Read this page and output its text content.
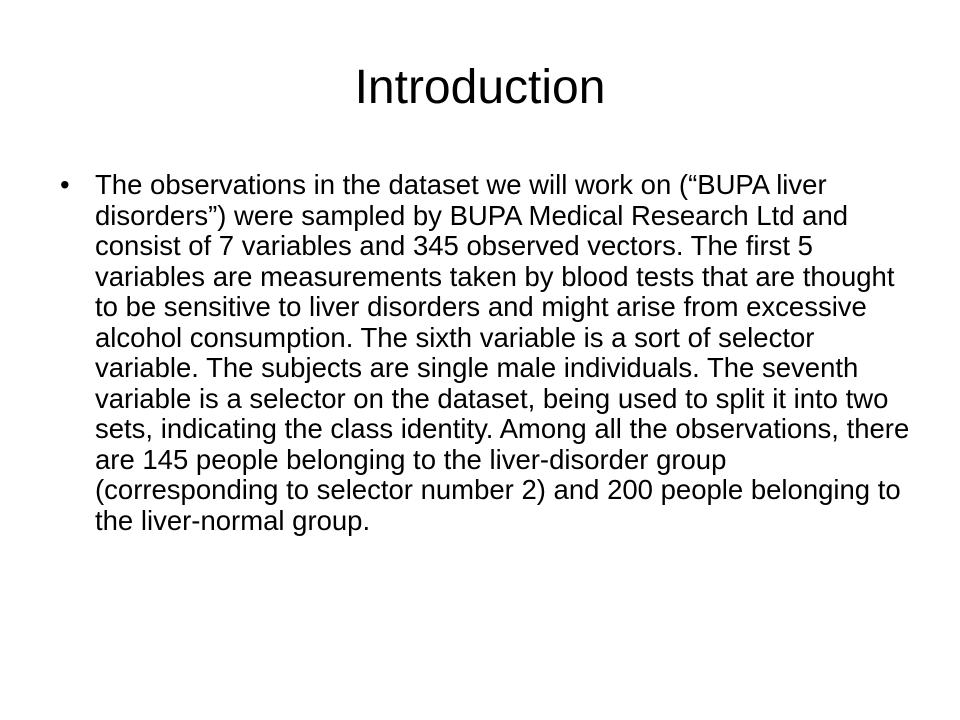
Introduction
• The observations in the dataset we will work on (“BUPA liver disorders”) were sampled by BUPA Medical Research Ltd and consist of 7 variables and 345 observed vectors. The first 5 variables are measurements taken by blood tests that are thought to be sensitive to liver disorders and might arise from excessive alcohol consumption. The sixth variable is a sort of selector variable. The subjects are single male individuals. The seventh variable is a selector on the dataset, being used to split it into two sets, indicating the class identity. Among all the observations, there are 145 people belonging to the liver-disorder group (corresponding to selector number 2) and 200 people belonging to the liver-normal group.
